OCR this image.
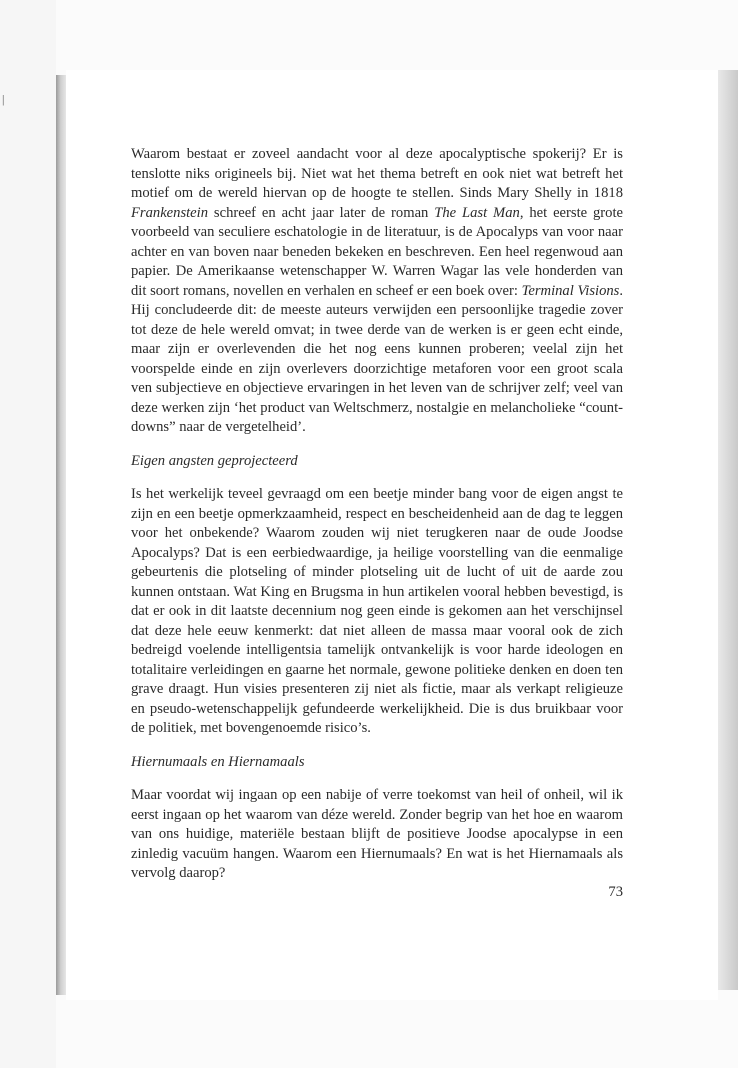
|

Waarom bestaat er zoveel aandacht voor al deze apocalyptische spokerij? Er is tenslotte niks origineels bij. Niet wat het thema betreft en ook niet wat betreft het motief om de wereld hiervan op de hoogte te stellen. Sinds Mary Shelly in 1818 Frankenstein schreef en acht jaar later de roman The Last Man, het eerste grote voorbeeld van seculiere eschatologie in de literatuur, is de Apocalyps van voor naar achter en van boven naar beneden bekeken en beschreven. Een heel regenwoud aan papier. De Amerikaanse wetenschapper W. Warren Wagar las vele honderden van dit soort romans, novellen en verhalen en scheef er een boek over: Terminal Visions. Hij concludeerde dit: de meeste auteurs verwijden een persoonlijke tragedie zover tot deze de hele wereld omvat; in twee derde van de werken is er geen echt einde, maar zijn er overlevenden die het nog eens kunnen proberen; veelal zijn het voorspelde einde en zijn overlevers doorzichtige metaforen voor een groot scala ven subjectieve en objectieve ervaringen in het leven van de schrijver zelf; veel van deze werken zijn ‘het product van Weltschmerz, nostalgie en melancholieke “count-downs” naar de vergetelheid’.

Eigen angsten geprojecteerd

Is het werkelijk teveel gevraagd om een beetje minder bang voor de eigen angst te zijn en een beetje opmerkzaamheid, respect en bescheidenheid aan de dag te leggen voor het onbekende? Waarom zouden wij niet terugkeren naar de oude Joodse Apocalyps? Dat is een eerbiedwaardige, ja heilige voorstelling van die eenmalige gebeurtenis die plotseling of minder plotseling uit de lucht of uit de aarde zou kunnen ontstaan. Wat King en Brugsma in hun artikelen vooral hebben bevestigd, is dat er ook in dit laatste decennium nog geen einde is gekomen aan het verschijnsel dat deze hele eeuw kenmerkt: dat niet alleen de massa maar vooral ook de zich bedreigd voelende intelligentsia tamelijk ontvankelijk is voor harde ideologen en totalitaire verleidingen en gaarne het normale, gewone politieke denken en doen ten grave draagt. Hun visies presenteren zij niet als fictie, maar als verkapt religieuze en pseudo-wetenschappelijk gefundeerde werkelijkheid. Die is dus bruikbaar voor de politiek, met bovengenoemde risico’s.

Hiernumaals en Hiernamaals

Maar voordat wij ingaan op een nabije of verre toekomst van heil of onheil, wil ik eerst ingaan op het waarom van déze wereld. Zonder begrip van het hoe en waarom van ons huidige, materiële bestaan blijft de positieve Joodse apocalypse in een zinledig vacuüm hangen. Waarom een Hiernumaals? En wat is het Hiernamaals als vervolg daarop?

73
